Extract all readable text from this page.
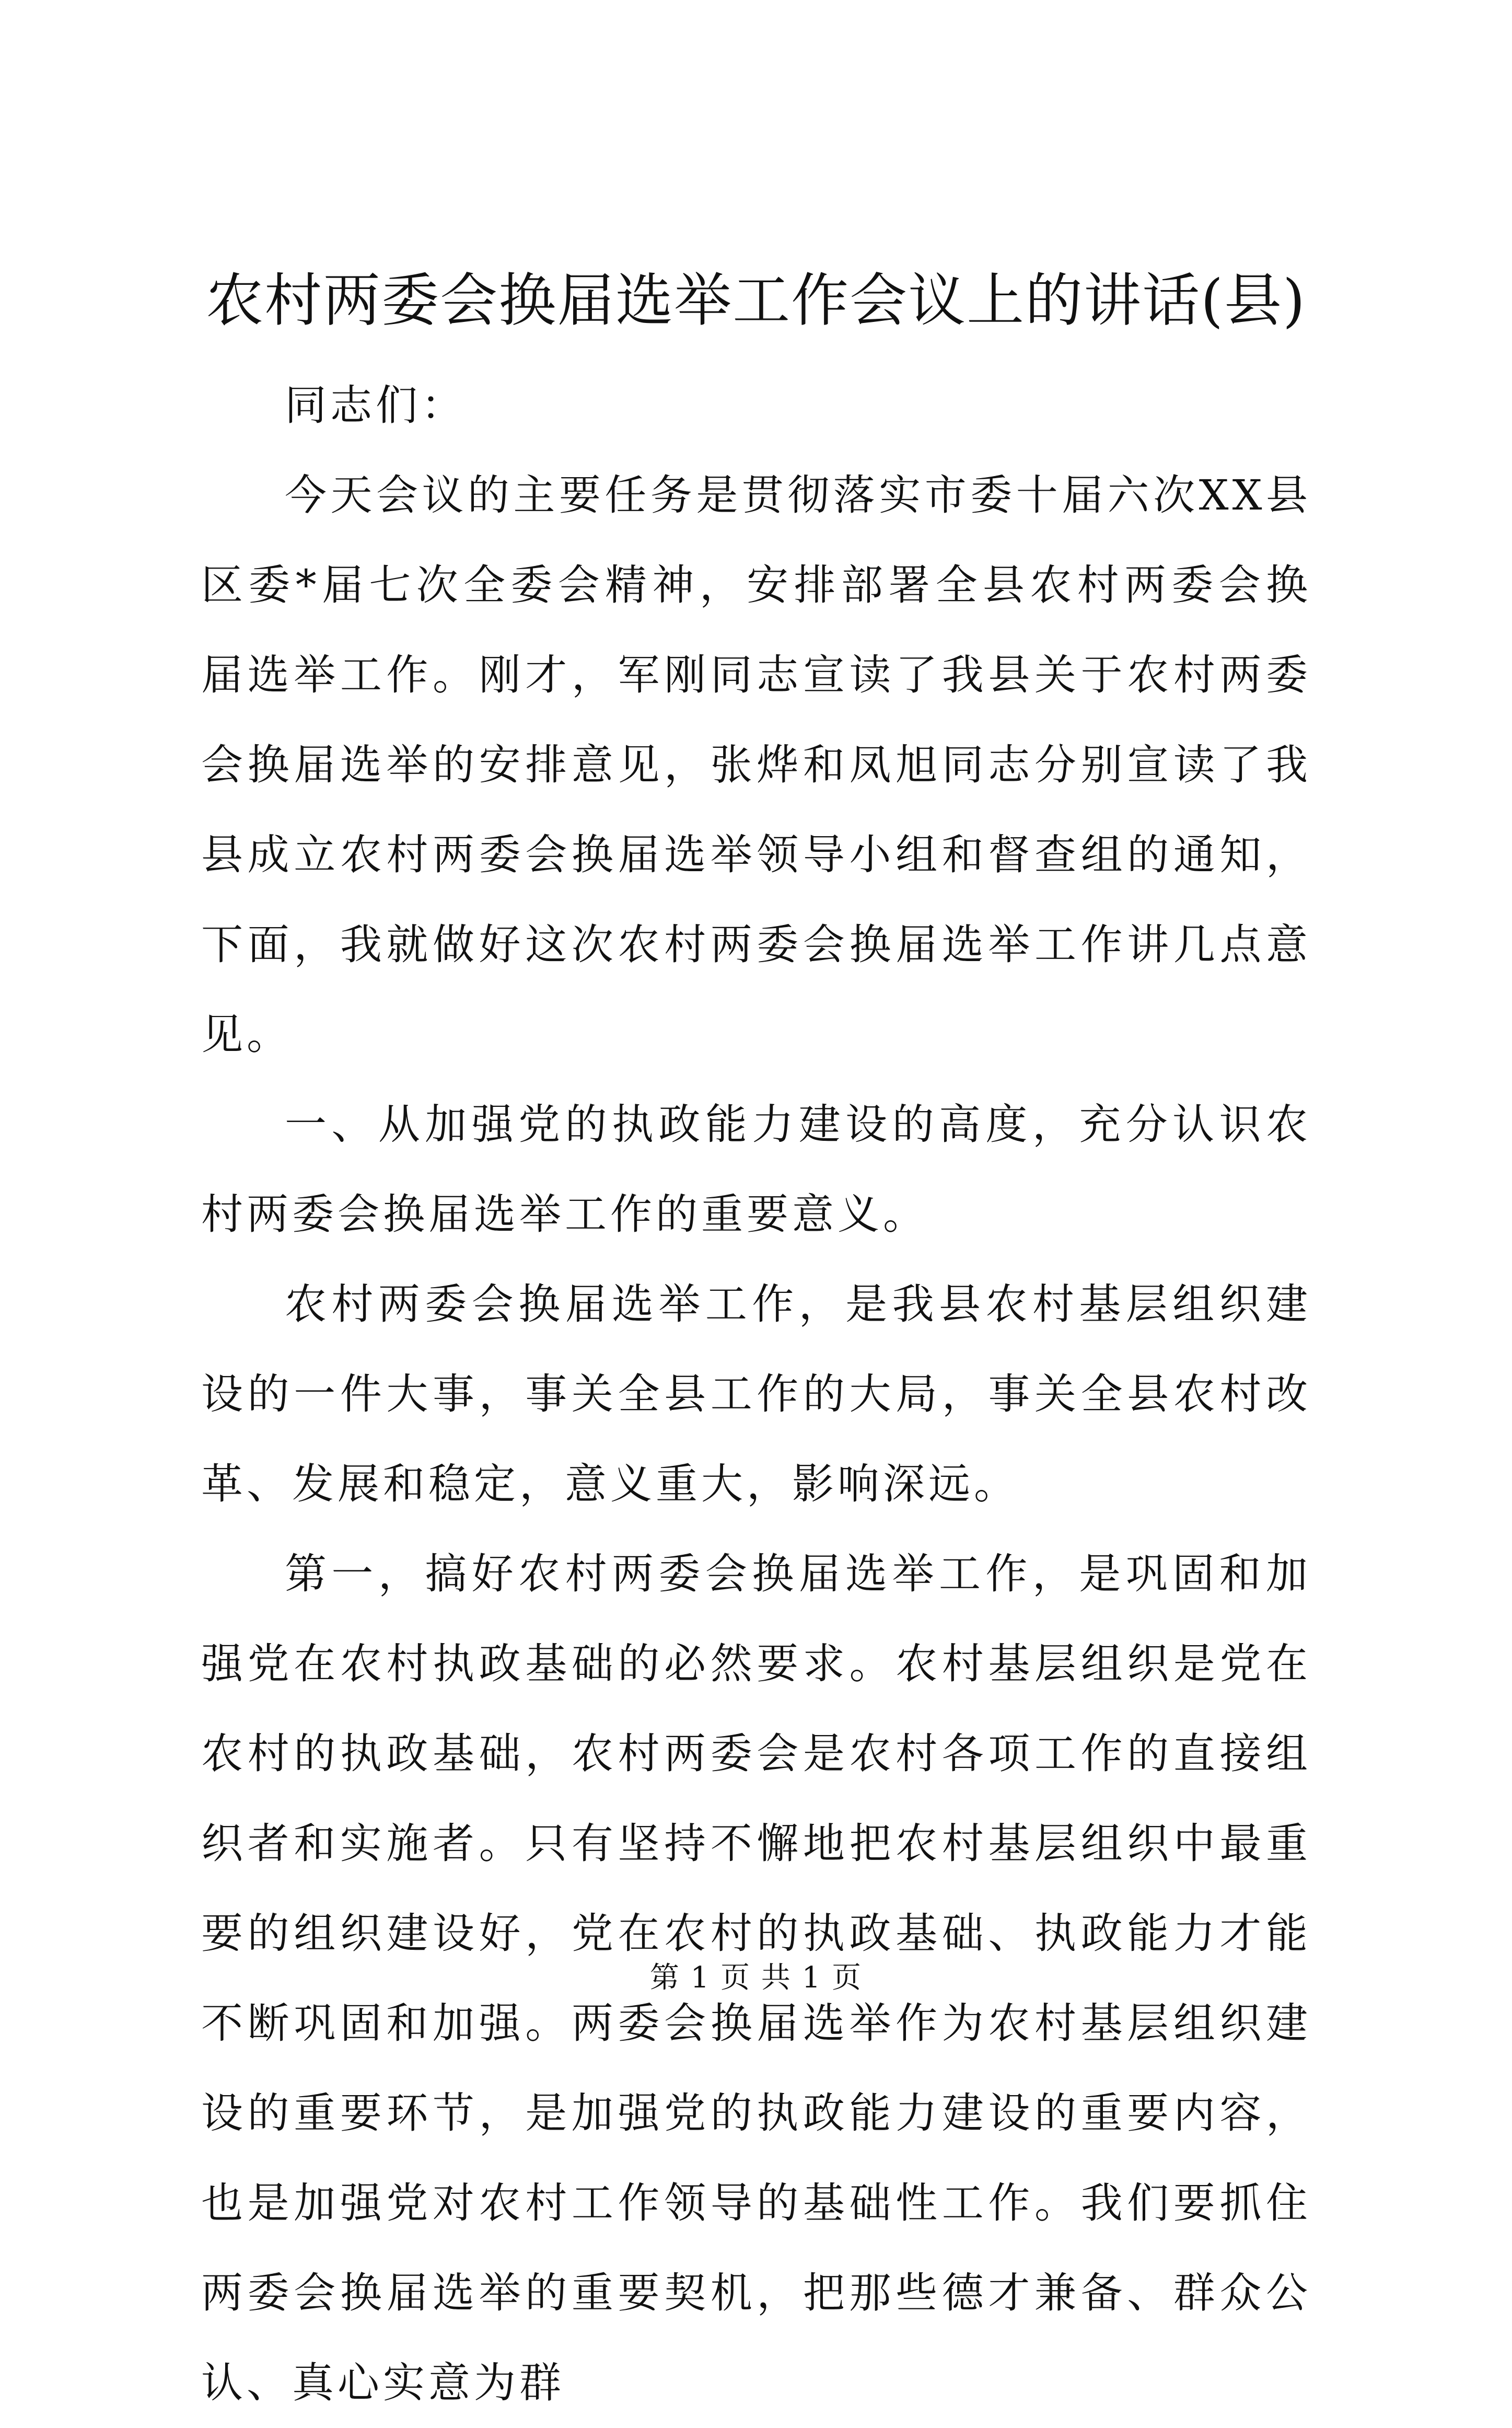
农村两委会换届选举工作会议上的讲话(县)

同志们：

今天会议的主要任务是贯彻落实市委十届六次XX县区委*届七次全委会精神，安排部署全县农村两委会换届选举工作。刚才，军刚同志宣读了我县关于农村两委会换届选举的安排意见，张烨和凤旭同志分别宣读了我县成立农村两委会换届选举领导小组和督查组的通知，下面，我就做好这次农村两委会换届选举工作讲几点意见。

一、从加强党的执政能力建设的高度，充分认识农村两委会换届选举工作的重要意义。

农村两委会换届选举工作，是我县农村基层组织建设的一件大事，事关全县工作的大局，事关全县农村改革、发展和稳定，意义重大，影响深远。

第一，搞好农村两委会换届选举工作，是巩固和加强党在农村执政基础的必然要求。农村基层组织是党在农村的执政基础，农村两委会是农村各项工作的直接组织者和实施者。只有坚持不懈地把农村基层组织中最重要的组织建设好，党在农村的执政基础、执政能力才能不断巩固和加强。两委会换届选举作为农村基层组织建设的重要环节，是加强党的执政能力建设的重要内容，也是加强党对农村工作领导的基础性工作。我们要抓住两委会换届选举的重要契机，把那些德才兼备、群众公认、真心实意为群

第 1 页 共 1 页
